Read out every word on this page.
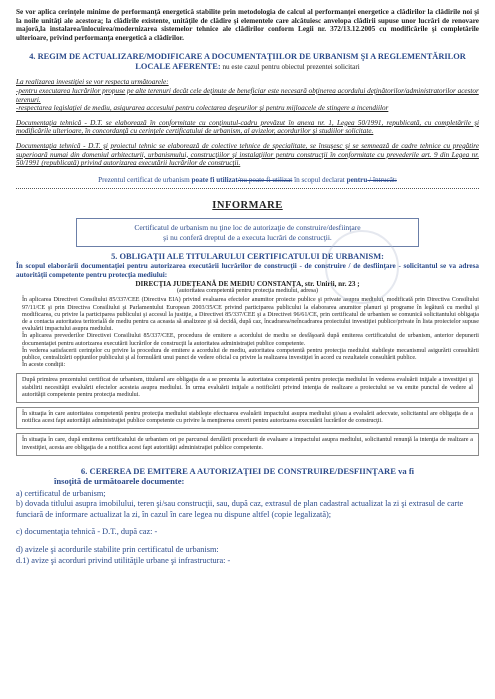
Se vor aplica cerinţele minime de performanţă energetică stabilite prin metodologia de calcul al performanţei energetice a clădirilor la clădirile noi şi la noile unităţi ale acestora; la clădirile existente, unităţile de clădire şi elementele care alcătuiesc anvelopa clădirii supuse unor lucrări de renovare majoră,la instalarea/înlocuirea/modernizarea sistemelor tehnice ale clădirilor conform Legii nr. 372/13.12.2005 cu modificările şi completările ulterioare, privind performanţa energetică a clădirilor.

4. REGIM DE ACTUALIZARE/MODIFICARE A DOCUMENTAŢIILOR DE URBANISM ŞI A REGLEMENTĂRILOR LOCALE AFERENTE: nu este cazul pentru obiectul prezentei solicitari

La realizarea investiţiei se vor respecta următoarele:

-pentru executarea lucrărilor propuse pe alte terenuri decât cele deţinute de beneficiar este necesară obţinerea acordului deţinătorilor/administratorilor acestor terenuri.

-respectarea legislaţiei de mediu, asigurarea accesului pentru colectarea deşeurilor şi pentru mijloacele de stingere a incendiilor

Documentaţia tehnică - D.T. se elaborează în conformitate cu conţinutul-cadru prevăzut în anexa nr. 1, Legea 50/1991, republicată, cu completările şi modificările ulterioare, în concordanţă cu cerinţele certificatului de urbanism, al avizelor, acordurilor şi studiilor solicitate.

Documentaţia tehnică - D.T. şi proiectul tehnic se elaborează de colective tehnice de specialitate, se însuşesc şi se semnează de cadre tehnice cu pregătire superioară numai din domeniul arhitecturii, urbanismului, construcţiilor şi instalaţiilor pentru construcţii în conformitate cu prevederile art. 9 din Legea nr. 50/1991 (republicată) privind autorizarea executării lucrărilor de construcţii.

Prezentul certificat de urbanism poate fi utilizat/nu poate fi utilizat în scopul declarat pentru / întrucât:

INFORMARE

Certificatul de urbanism nu ţine loc de autorizaţie de construire/desfiinţare

şi nu conferă dreptul de a executa lucrări de construcţii.

5. OBLIGAŢII ALE TITULARULUI CERTIFICATULUI DE URBANISM:

În scopul elaborării documentaţiei pentru autorizarea executării lucrărilor de construcţii - de construire / de desfiinţare - solicitantul se va adresa autorităţii competente pentru protecţia mediului:

DIRECŢIA JUDEŢEANĂ DE MEDIU CONSTANŢA, str. Unirii, nr. 23 ;

(autoritatea competentă pentru protecţia mediului, adresa)

În aplicarea Directivei Consiliului 85/337/CEE (Directiva EIA) privind evaluarea efectelor anumitor proiecte publice şi private asupra mediului, modificată prin Directiva Consiliului 97/11/CE şi prin Directiva Consiliului şi Parlamentului European 2003/35/CE privind participarea publicului la elaborarea anumitor planuri şi programe în legătură cu mediul şi modificarea, cu privire la participarea publicului şi accesul la justiţie, a Directivei 85/337/CEE şi a Directivei 96/61/CE, prin certificatul de urbanism se comunică solicitantului obligaţia de a contacta autoritatea teritorială de mediu pentru ca aceasta să analizeze şi să decidă, după caz, încadrarea/neîncadrarea proiectului investiţiei publice/private în lista proiectelor supuse evaluării impactului asupra mediului.

În aplicarea prevederilor Directivei Consiliului 85/337/CEE, procedura de emitere a acordului de mediu se desfăşoară după emiterea certificatului de urbanism, anterior depunerii documentaţiei pentru autorizarea executării lucrărilor de construcţii la autoritatea administraţiei publice competente.

În vederea satisfacerii cerinţelor cu privire la procedura de emitere a acordului de mediu, autoritatea competentă pentru protecţia mediului stabileşte mecanismul asigurării consultării publice, centralizării opţiunilor publicului şi al formulării unui punct de vedere oficial cu privire la realizarea investiţiei în acord cu rezultatele consultării publice.

În aceste condiţii:

După primirea prezentului certificat de urbanism, titularul are obligaţia de a se prezenta la autoritatea competentă pentru protecţia mediului în vederea evaluării iniţiale a investiţiei şi stabilirii necesităţii evaluării efectelor acesteia asupra mediului. În urma evaluării iniţiale a notificării privind intenţia de realizare a proiectului se va emite punctul de vedere al autorităţii competente pentru protecţia mediului.
În situaţia în care autoritatea competentă pentru protecţia mediului stabileşte efectuarea evaluării impactului asupra mediului şi/sau a evaluării adecvate, solicitantul are obligaţia de a notifica acest fapt autorităţii administraţiei publice competente cu privire la menţinerea cererii pentru autorizarea executării lucrărilor de construcţii.
În situaţia în care, după emiterea certificatului de urbanism ori pe parcursul derulării procedurii de evaluare a impactului asupra mediului, solicitantul renunţă la intenţia de realizare a investiţiei, acesta are obligaţia de a notifica acest fapt autorităţii administraţiei publice competente.

6. CEREREA DE EMITERE A AUTORIZAŢIEI DE CONSTRUIRE/DESFIINŢARE va fi

însoţită de următoarele documente:

a) certificatul de urbanism;

b) dovada titlului asupra imobilului, teren şi/sau construcţii, sau, după caz, extrasul de plan cadastral actualizat la zi şi extrasul de carte funciară de informare actualizat la zi, în cazul în care legea nu dispune altfel (copie legalizată);

c) documentaţia tehnică - D.T., după caz: -

d) avizele şi acordurile stabilite prin certificatul de urbanism:

d.1) avize şi acorduri privind utilităţile urbane şi infrastructura: -
